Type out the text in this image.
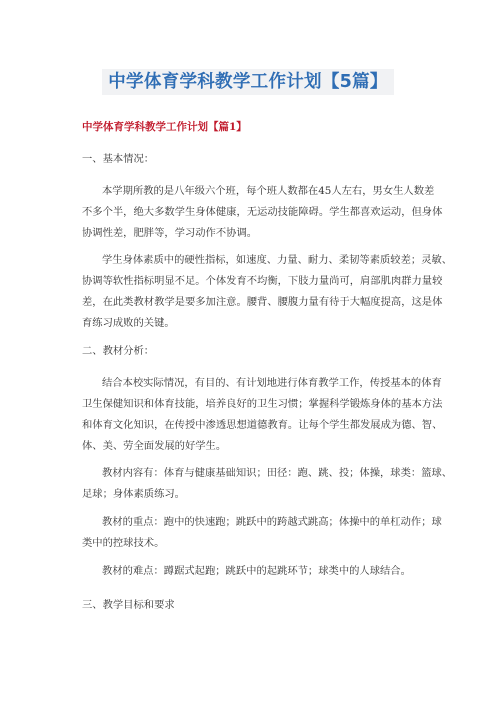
中学体育学科教学工作计划【5篇】
中学体育学科教学工作计划【篇1】
一、基本情况：
本学期所教的是八年级六个班，每个班人数都在45人左右，男女生人数差
不多个半，绝大多数学生身体健康，无运动技能障碍。学生都喜欢运动，但身体
协调性差，肥胖等，学习动作不协调。
学生身体素质中的硬性指标，如速度、力量、耐力、柔韧等素质较差；灵敏、
协调等软性指标明显不足。个体发育不均衡，下肢力量尚可，肩部肌肉群力量较
差，在此类教材教学是要多加注意。腰背、腰腹力量有待于大幅度提高，这是体
育练习成败的关键。
二、教材分析：
结合本校实际情况，有目的、有计划地进行体育教学工作，传授基本的体育
卫生保健知识和体育技能，培养良好的卫生习惯；掌握科学锻炼身体的基本方法
和体育文化知识，在传授中渗透思想道德教育。让每个学生都发展成为德、智、
体、美、劳全面发展的好学生。
教材内容有：体育与健康基础知识；田径：跑、跳、投；体操，球类：篮球、
足球；身体素质练习。
教材的重点：跑中的快速跑；跳跃中的跨越式跳高；体操中的单杠动作；球
类中的控球技术。
教材的难点：蹲踞式起跑；跳跃中的起跳环节；球类中的人球结合。
三、教学目标和要求
